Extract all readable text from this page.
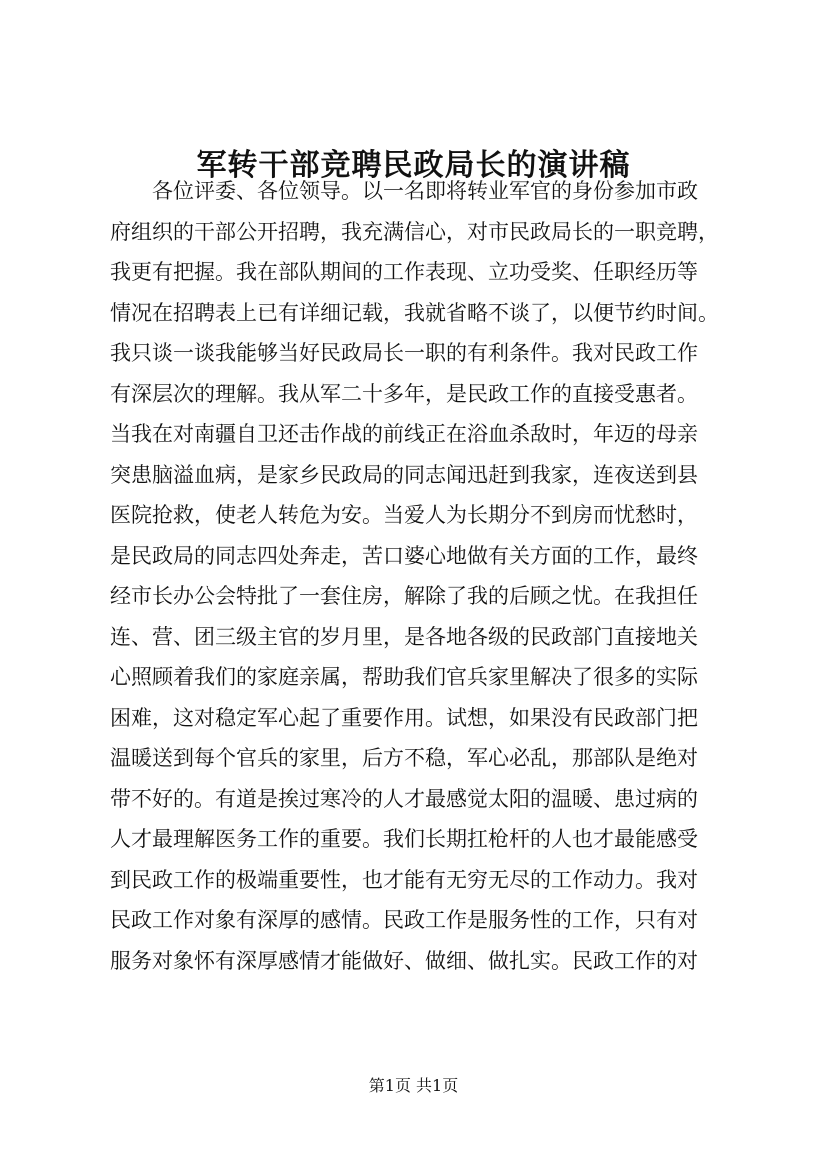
军转干部竞聘民政局长的演讲稿
各位评委、各位领导。以一名即将转业军官的身份参加市政
府组织的干部公开招聘，我充满信心，对市民政局长的一职竞聘，
我更有把握。我在部队期间的工作表现、立功受奖、任职经历等
情况在招聘表上已有详细记载，我就省略不谈了，以便节约时间。
我只谈一谈我能够当好民政局长一职的有利条件。我对民政工作
有深层次的理解。我从军二十多年，是民政工作的直接受惠者。
当我在对南疆自卫还击作战的前线正在浴血杀敌时，年迈的母亲
突患脑溢血病，是家乡民政局的同志闻迅赶到我家，连夜送到县
医院抢救，使老人转危为安。当爱人为长期分不到房而忧愁时，
是民政局的同志四处奔走，苦口婆心地做有关方面的工作，最终
经市长办公会特批了一套住房，解除了我的后顾之忧。在我担任
连、营、团三级主官的岁月里，是各地各级的民政部门直接地关
心照顾着我们的家庭亲属，帮助我们官兵家里解决了很多的实际
困难，这对稳定军心起了重要作用。试想，如果没有民政部门把
温暖送到每个官兵的家里，后方不稳，军心必乱，那部队是绝对
带不好的。有道是挨过寒冷的人才最感觉太阳的温暖、患过病的
人才最理解医务工作的重要。我们长期扛枪杆的人也才最能感受
到民政工作的极端重要性，也才能有无穷无尽的工作动力。我对
民政工作对象有深厚的感情。民政工作是服务性的工作，只有对
服务对象怀有深厚感情才能做好、做细、做扎实。民政工作的对
第1页 共1页
